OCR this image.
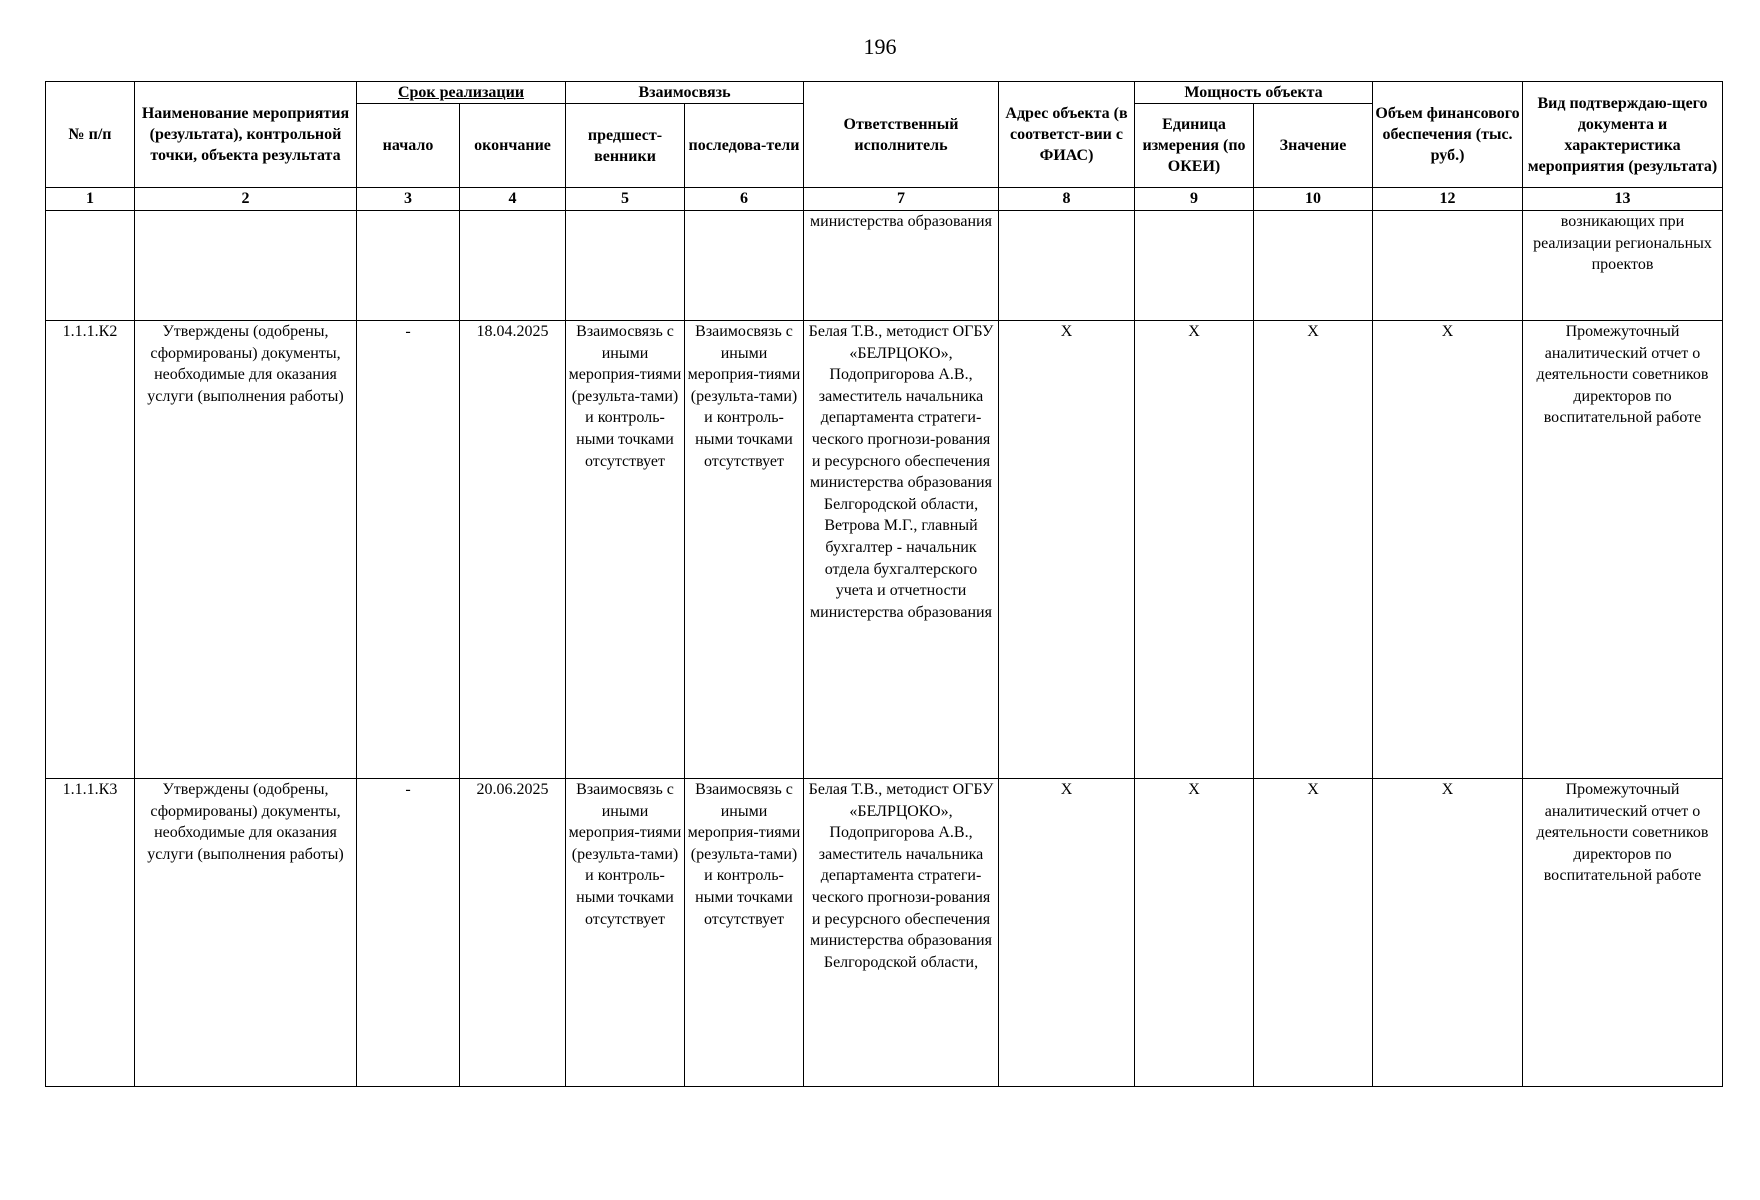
196
№ п/п	Наименование мероприятия (результата), контрольной точки, объекта результата	Срок реализации		Взаимосвязь		Ответственный исполнитель	Адрес объекта (в соответст-вии с ФИАС)	Мощность объекта		Объем финансового обеспечения (тыс. руб.)	Вид подтверждаю-щего документа и характеристика мероприятия (результата)
		начало	окончание	предшест-венники	последова-тели			Единица измерения (по ОКЕИ)	Значение		
1	2	3	4	5	6	7	8	9	10	12	13
						министерства образования					возникающих при реализации региональных проектов
1.1.1.К2	Утверждены (одобрены, сформированы) документы, необходимые для оказания услуги (выполнения работы)	-	18.04.2025	Взаимосвязь с иными мероприя-тиями (результа-тами) и контроль-ными точками отсутствует	Взаимосвязь с иными мероприя-тиями (результа-тами) и контроль-ными точками отсутствует	Белая Т.В., методист ОГБУ «БЕЛРЦОКО», Подопригорова А.В., заместитель начальника департамента стратеги-ческого прогнози-рования и ресурсного обеспечения министерства образования Белгородской области, Ветрова М.Г., главный бухгалтер - начальник отдела бухгалтерского учета и отчетности министерства образования	X	X	X	X	Промежуточный аналитический отчет о деятельности советников директоров по воспитательной работе
1.1.1.К3	Утверждены (одобрены, сформированы) документы, необходимые для оказания услуги (выполнения работы)	-	20.06.2025	Взаимосвязь с иными мероприя-тиями (результа-тами) и контроль-ными точками отсутствует	Взаимосвязь с иными мероприя-тиями (результа-тами) и контроль-ными точками отсутствует	Белая Т.В., методист ОГБУ «БЕЛРЦОКО», Подопригорова А.В., заместитель начальника департамента стратеги-ческого прогнози-рования и ресурсного обеспечения министерства образования Белгородской области,	X	X	X	X	Промежуточный аналитический отчет о деятельности советников директоров по воспитательной работе
